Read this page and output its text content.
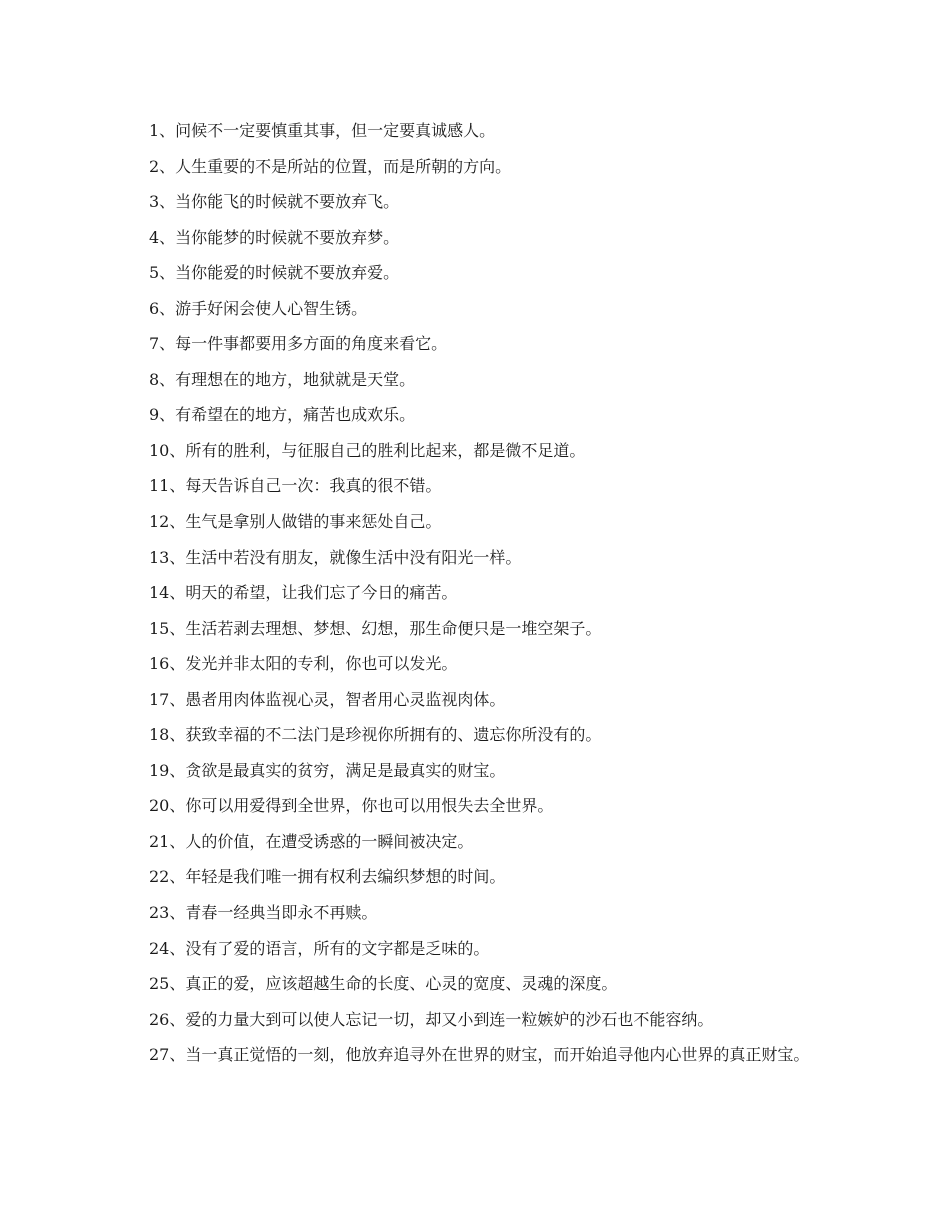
1、问候不一定要慎重其事，但一定要真诚感人。

2、人生重要的不是所站的位置，而是所朝的方向。

3、当你能飞的时候就不要放弃飞。

4、当你能梦的时候就不要放弃梦。

5、当你能爱的时候就不要放弃爱。

6、游手好闲会使人心智生锈。

7、每一件事都要用多方面的角度来看它。

8、有理想在的地方，地狱就是天堂。

9、有希望在的地方，痛苦也成欢乐。

10、所有的胜利，与征服自己的胜利比起来，都是微不足道。

11、每天告诉自己一次：我真的很不错。

12、生气是拿别人做错的事来惩处自己。

13、生活中若没有朋友，就像生活中没有阳光一样。

14、明天的希望，让我们忘了今日的痛苦。

15、生活若剥去理想、梦想、幻想，那生命便只是一堆空架子。

16、发光并非太阳的专利，你也可以发光。

17、愚者用肉体监视心灵，智者用心灵监视肉体。

18、获致幸福的不二法门是珍视你所拥有的、遗忘你所没有的。

19、贪欲是最真实的贫穷，满足是最真实的财宝。

20、你可以用爱得到全世界，你也可以用恨失去全世界。

21、人的价值，在遭受诱惑的一瞬间被决定。

22、年轻是我们唯一拥有权利去编织梦想的时间。

23、青春一经典当即永不再赎。

24、没有了爱的语言，所有的文字都是乏味的。

25、真正的爱，应该超越生命的长度、心灵的宽度、灵魂的深度。

26、爱的力量大到可以使人忘记一切，却又小到连一粒嫉妒的沙石也不能容纳。

27、当一真正觉悟的一刻，他放弃追寻外在世界的财宝，而开始追寻他内心世界的真正财宝。
